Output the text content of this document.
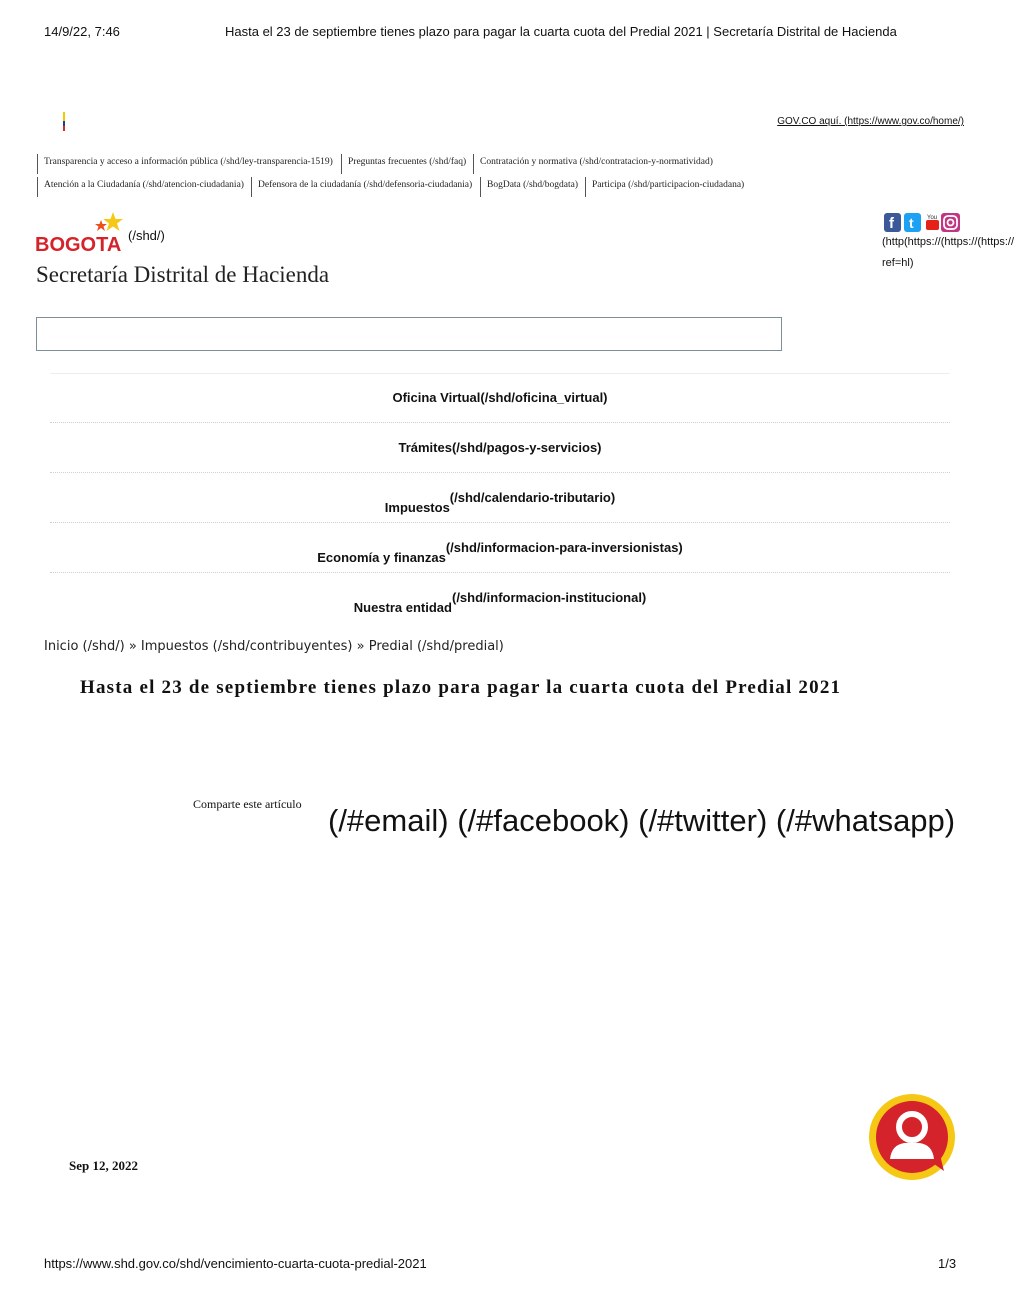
14/9/22, 7:46	Hasta el 23 de septiembre tienes plazo para pagar la cuarta cuota del Predial 2021 | Secretaría Distrital de Hacienda
GOV.CO aquí. (https://www.gov.co/home/)
Transparencia y acceso a información pública (/shd/ley-transparencia-1519)	Preguntas frecuentes (/shd/faq)	Contratación y normativa (/shd/contratacion-y-normatividad)
Atención a la Ciudadanía (/shd/atencion-ciudadania)	Defensora de la ciudadanía (/shd/defensoria-ciudadania)	BogData (/shd/bogdata)	Participa (/shd/participacion-ciudadana)
BOGOTA (/shd/)
Secretaría Distrital de Hacienda
f t You
(http(https://(https://(https://
ref=hl)
Oficina Virtual(/shd/oficina_virtual)
Trámites(/shd/pagos-y-servicios)
Impuestos(/shd/calendario-tributario)
Economía y finanzas(/shd/informacion-para-inversionistas)
Nuestra entidad(/shd/informacion-institucional)
Inicio (/shd/) » Impuestos (/shd/contribuyentes) » Predial (/shd/predial)
Hasta el 23 de septiembre tienes plazo para pagar la cuarta cuota del Predial 2021
Comparte este artículo (/#email) (/#facebook) (/#twitter) (/#whatsapp)
Sep 12, 2022
https://www.shd.gov.co/shd/vencimiento-cuarta-cuota-predial-2021	1/3
